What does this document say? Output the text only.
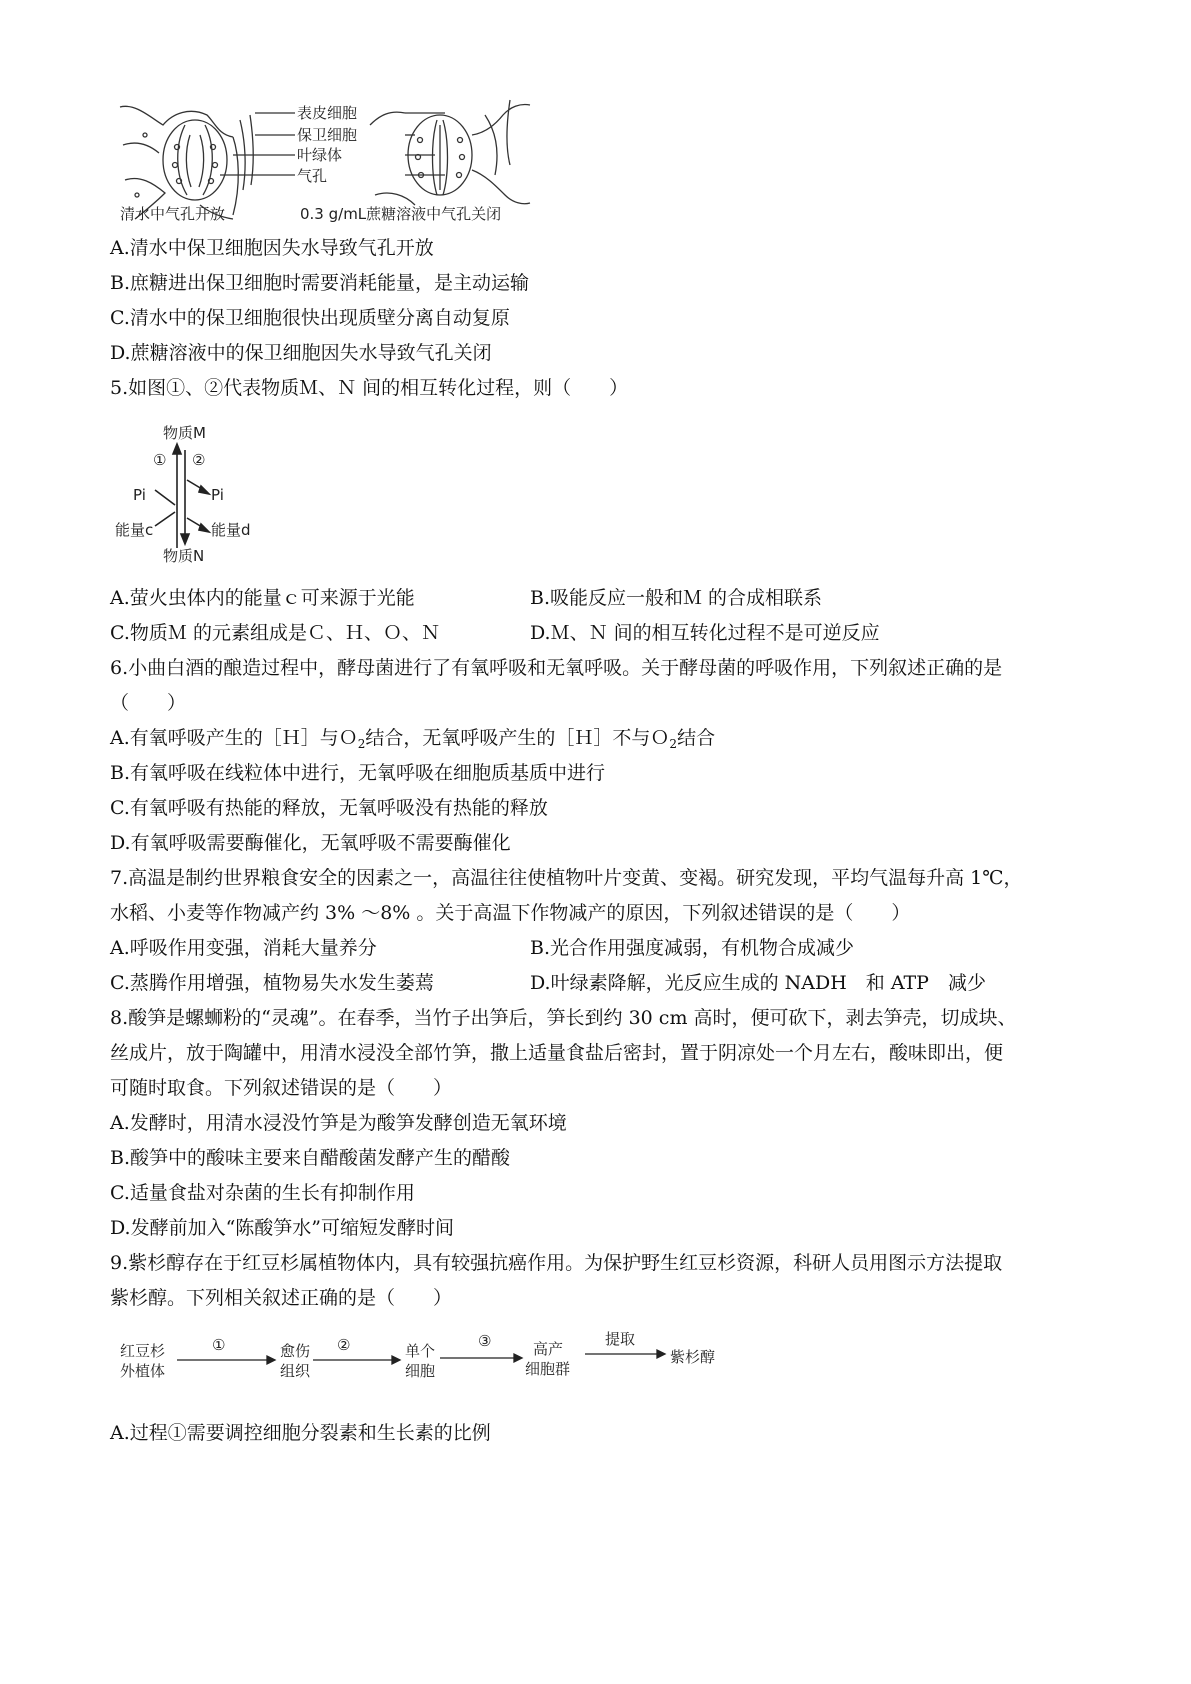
表皮细胞
保卫细胞
叶绿体
气孔
清水中气孔开放	0.3 g/mL蔗糖溶液中气孔关闭
A.清水中保卫细胞因失水导致气孔开放
B.庶糖进出保卫细胞时需要消耗能量，是主动运输
C.清水中的保卫细胞很快出现质壁分离自动复原
D.蔗糖溶液中的保卫细胞因失水导致气孔关闭
5.如图①、②代表物质Ｍ、Ｎ 间的相互转化过程，则（　　）
物质M
① ②
Pi	Pi
能量c	能量d
物质N
A.萤火虫体内的能量ｃ可来源于光能	B.吸能反应一般和Ｍ 的合成相联系
C.物质Ｍ 的元素组成是Ｃ、Ｈ、Ｏ、Ｎ	D.Ｍ、Ｎ 间的相互转化过程不是可逆反应
6.小曲白酒的酿造过程中，酵母菌进行了有氧呼吸和无氧呼吸。关于酵母菌的呼吸作用，下列叙述正确的是
（　　）
A.有氧呼吸产生的［Ｈ］与Ｏ$_2$结合，无氧呼吸产生的［Ｈ］不与Ｏ$_2$结合
B.有氧呼吸在线粒体中进行，无氧呼吸在细胞质基质中进行
C.有氧呼吸有热能的释放，无氧呼吸没有热能的释放
D.有氧呼吸需要酶催化，无氧呼吸不需要酶催化
7.高温是制约世界粮食安全的因素之一，高温往往使植物叶片变黄、变褐。研究发现，平均气温每升高 1℃，
水稻、小麦等作物减产约 3% ～8% 。关于高温下作物减产的原因，下列叙述错误的是（　　）
A.呼吸作用变强，消耗大量养分	B.光合作用强度减弱，有机物合成减少
C.蒸腾作用增强，植物易失水发生萎蔫	D.叶绿素降解，光反应生成的 NADH　和 ATP　减少
8.酸笋是螺蛳粉的“灵魂”。在春季，当竹子出笋后，笋长到约 30 cm 高时，便可砍下，剥去笋壳，切成块、
丝成片，放于陶罐中，用清水浸没全部竹笋，撒上适量食盐后密封，置于阴凉处一个月左右，酸味即出，便
可随时取食。下列叙述错误的是（　　）
A.发酵时，用清水浸没竹笋是为酸笋发酵创造无氧环境
B.酸笋中的酸味主要来自醋酸菌发酵产生的醋酸
C.适量食盐对杂菌的生长有抑制作用
D.发酵前加入“陈酸笋水”可缩短发酵时间
9.紫杉醇存在于红豆杉属植物体内，具有较强抗癌作用。为保护野生红豆杉资源，科研人员用图示方法提取
紫杉醇。下列相关叙述正确的是（　　）
红豆杉
外植体
①	愈伤
组织
②	单个
细胞
③	高产
细胞群
提取
紫杉醇
A.过程①需要调控细胞分裂素和生长素的比例
